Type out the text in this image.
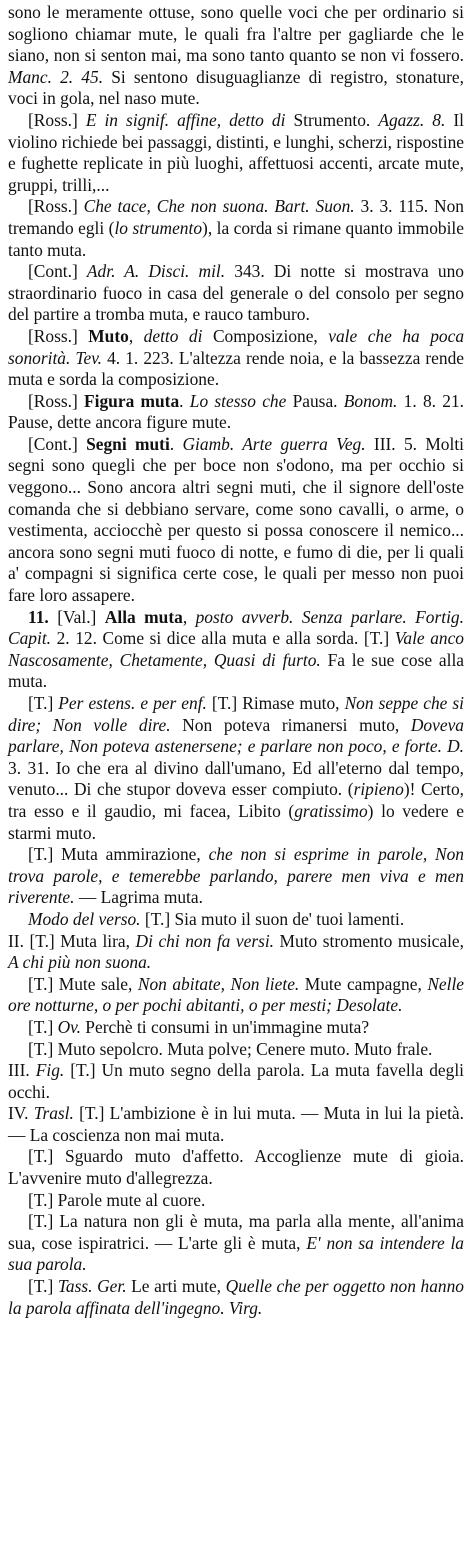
sono le meramente ottuse, sono quelle voci che per ordinario si sogliono chiamar mute, le quali fra l'altre per gagliarde che le siano, non si senton mai, ma sono tanto quanto se non vi fossero. Manc. 2. 45. Si sentono disuguaglianze di registro, stonature, voci in gola, nel naso mute.

[Ross.] E in signif. affine, detto di Strumento. Agazz. 8. Il violino richiede bei passaggi, distinti, e lunghi, scherzi, rispostine e fughette replicate in più luoghi, affettuosi accenti, arcate mute, gruppi, trilli,...

[Ross.] Che tace, Che non suona. Bart. Suon. 3. 3. 115. Non tremando egli (lo strumento), la corda si rimane quanto immobile tanto muta.

[Cont.] Adr. A. Disci. mil. 343. Di notte si mostrava uno straordinario fuoco in casa del generale o del consolo per segno del partire a tromba muta, e rauco tamburo.

[Ross.] Muto, detto di Composizione, vale che ha poca sonorità. Tev. 4. 1. 223. L'altezza rende noia, e la bassezza rende muta e sorda la composizione.

[Ross.] Figura muta. Lo stesso che Pausa. Bonom. 1. 8. 21. Pause, dette ancora figure mute.

[Cont.] Segni muti. Giamb. Arte guerra Veg. III. 5. Molti segni sono quegli che per boce non s'odono, ma per occhio si veggono... Sono ancora altri segni muti, che il signore dell'oste comanda che si debbiano servare, come sono cavalli, o arme, o vestimenta, acciocchè per questo si possa conoscere il nemico... ancora sono segni muti fuoco di notte, e fumo di die, per li quali a' compagni si significa certe cose, le quali per messo non puoi fare loro assapere.

11. [Val.] Alla muta, posto avverb. Senza parlare. Fortig. Capit. 2. 12. Come si dice alla muta e alla sorda. [T.] Vale anco Nascosamente, Chetamente, Quasi di furto. Fa le sue cose alla muta.

[T.] Per estens. e per enf. [T.] Rimase muto, Non seppe che si dire; Non volle dire. Non poteva rimanersi muto, Doveva parlare, Non poteva astenersene; e parlare non poco, e forte. D. 3. 31. Io che era al divino dall'umano, Ed all'eterno dal tempo, venuto... Di che stupor doveva esser compiuto. (ripieno)! Certo, tra esso e il gaudio, mi facea, Libito (gratissimo) lo vedere e starmi muto.

[T.] Muta ammirazione, che non si esprime in parole, Non trova parole, e temerebbe parlando, parere men viva e men riverente. — Lagrima muta.

Modo del verso. [T.] Sia muto il suon de' tuoi lamenti.

II. [T.] Muta lira, Di chi non fa versi. Muto stromento musicale, A chi più non suona.

[T.] Mute sale, Non abitate, Non liete. Mute campagne, Nelle ore notturne, o per pochi abitanti, o per mesti; Desolate.

[T.] Ov. Perchè ti consumi in un'immagine muta?

[T.] Muto sepolcro. Muta polve; Cenere muto. Muto frale.

III. Fig. [T.] Un muto segno della parola. La muta favella degli occhi.

IV. Trasl. [T.] L'ambizione è in lui muta. — Muta in lui la pietà. — La coscienza non mai muta.

[T.] Sguardo muto d'affetto. Accoglienze mute di gioia. L'avvenire muto d'allegrezza.

[T.] Parole mute al cuore.

[T.] La natura non gli è muta, ma parla alla mente, all'anima sua, cose ispiratrici. — L'arte gli è muta, E' non sa intendere la sua parola.

[T.] Tass. Ger. Le arti mute, Quelle che per oggetto non hanno la parola affinata dell'ingegno. Virg.
